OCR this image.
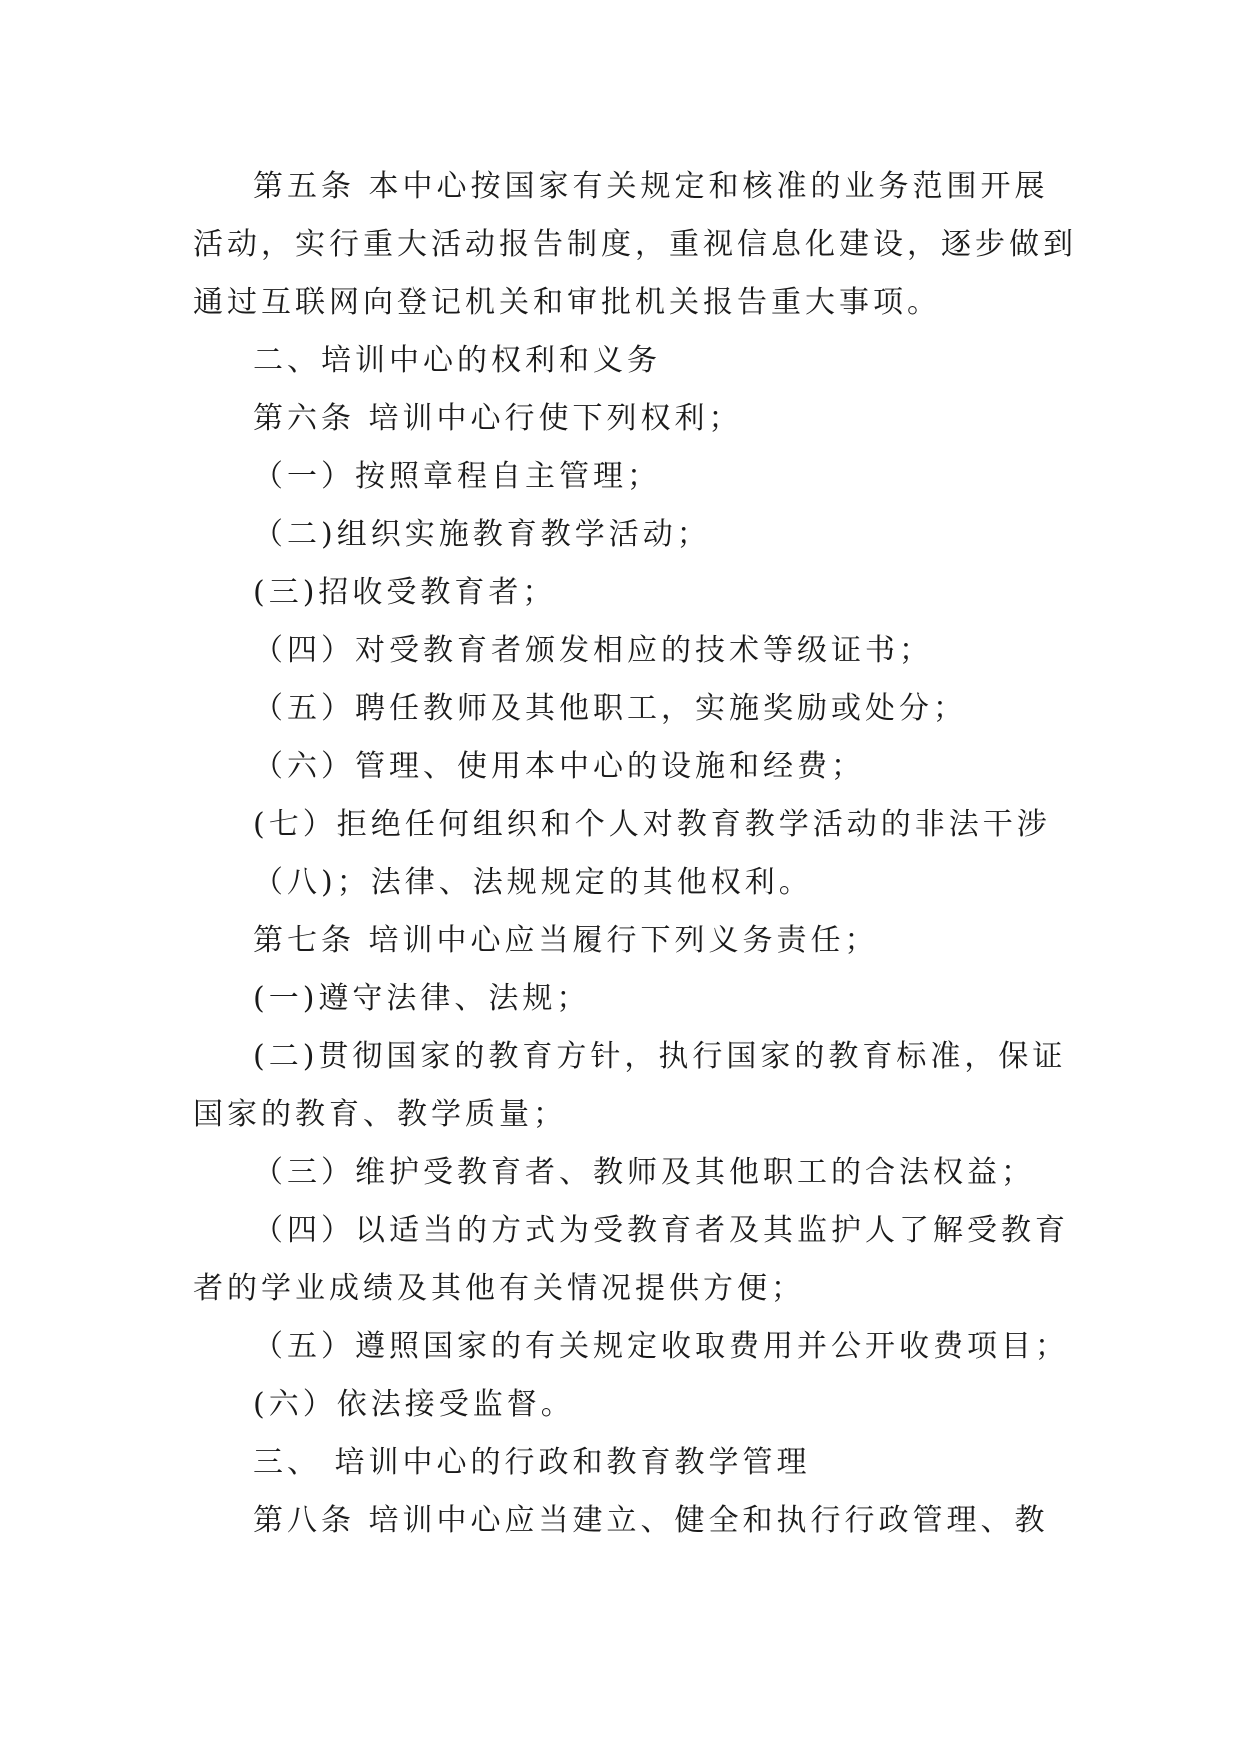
第五条 本中心按国家有关规定和核准的业务范围开展

活动，实行重大活动报告制度，重视信息化建设，逐步做到

通过互联网向登记机关和审批机关报告重大事项。

二、培训中心的权利和义务

第六条 培训中心行使下列权利；

（一）按照章程自主管理；

（二)组织实施教育教学活动；

(三)招收受教育者；

（四）对受教育者颁发相应的技术等级证书；

（五）聘任教师及其他职工，实施奖励或处分；

（六）管理、使用本中心的设施和经费；

(七）拒绝任何组织和个人对教育教学活动的非法干涉

（八)；法律、法规规定的其他权利。

第七条 培训中心应当履行下列义务责任；

(一)遵守法律、法规；

(二)贯彻国家的教育方针，执行国家的教育标准，保证

国家的教育、教学质量；

（三）维护受教育者、教师及其他职工的合法权益；

（四）以适当的方式为受教育者及其监护人了解受教育

者的学业成绩及其他有关情况提供方便；

（五）遵照国家的有关规定收取费用并公开收费项目；

(六）依法接受监督。

三、 培训中心的行政和教育教学管理

第八条 培训中心应当建立、健全和执行行政管理、教
